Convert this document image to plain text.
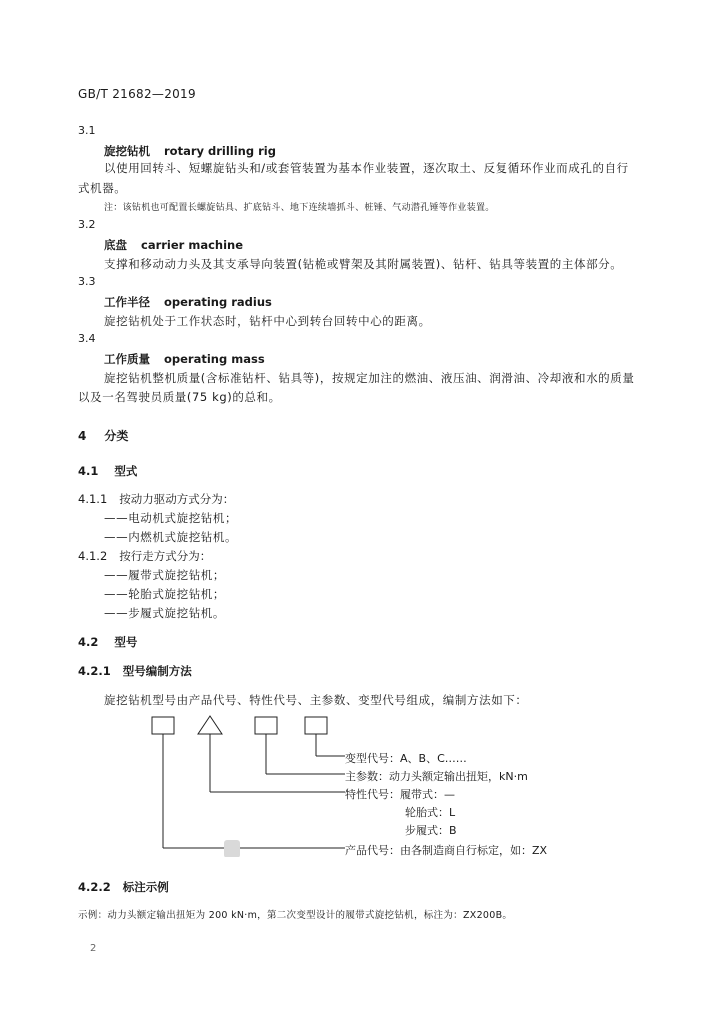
GB/T 21682—2019
3.1
旋挖钻机 rotary drilling rig
以使用回转斗、短螺旋钻头和/或套管装置为基本作业装置，逐次取土、反复循环作业而成孔的自行
式机器。
注：该钻机也可配置长螺旋钻具、扩底钻斗、地下连续墙抓斗、桩锤、气动潜孔锤等作业装置。
3.2
底盘 carrier machine
支撑和移动动力头及其支承导向装置(钻桅或臂架及其附属装置)、钻杆、钻具等装置的主体部分。
3.3
工作半径 operating radius
旋挖钻机处于工作状态时，钻杆中心到转台回转中心的距离。
3.4
工作质量 operating mass
旋挖钻机整机质量(含标准钻杆、钻具等)，按规定加注的燃油、液压油、润滑油、冷却液和水的质量
以及一名驾驶员质量(75 kg)的总和。
4 分类
4.1 型式
4.1.1 按动力驱动方式分为：
——电动机式旋挖钻机；
——内燃机式旋挖钻机。
4.1.2 按行走方式分为：
——履带式旋挖钻机；
——轮胎式旋挖钻机；
——步履式旋挖钻机。
4.2 型号
4.2.1 型号编制方法
旋挖钻机型号由产品代号、特性代号、主参数、变型代号组成，编制方法如下：
变型代号：A、B、C……
主参数：动力头额定输出扭矩，kN·m
特性代号：履带式：—
轮胎式：L
步履式：B
产品代号：由各制造商自行标定，如：ZX
4.2.2 标注示例
示例：动力头额定输出扭矩为 200 kN·m，第二次变型设计的履带式旋挖钻机，标注为：ZX200B。
2
